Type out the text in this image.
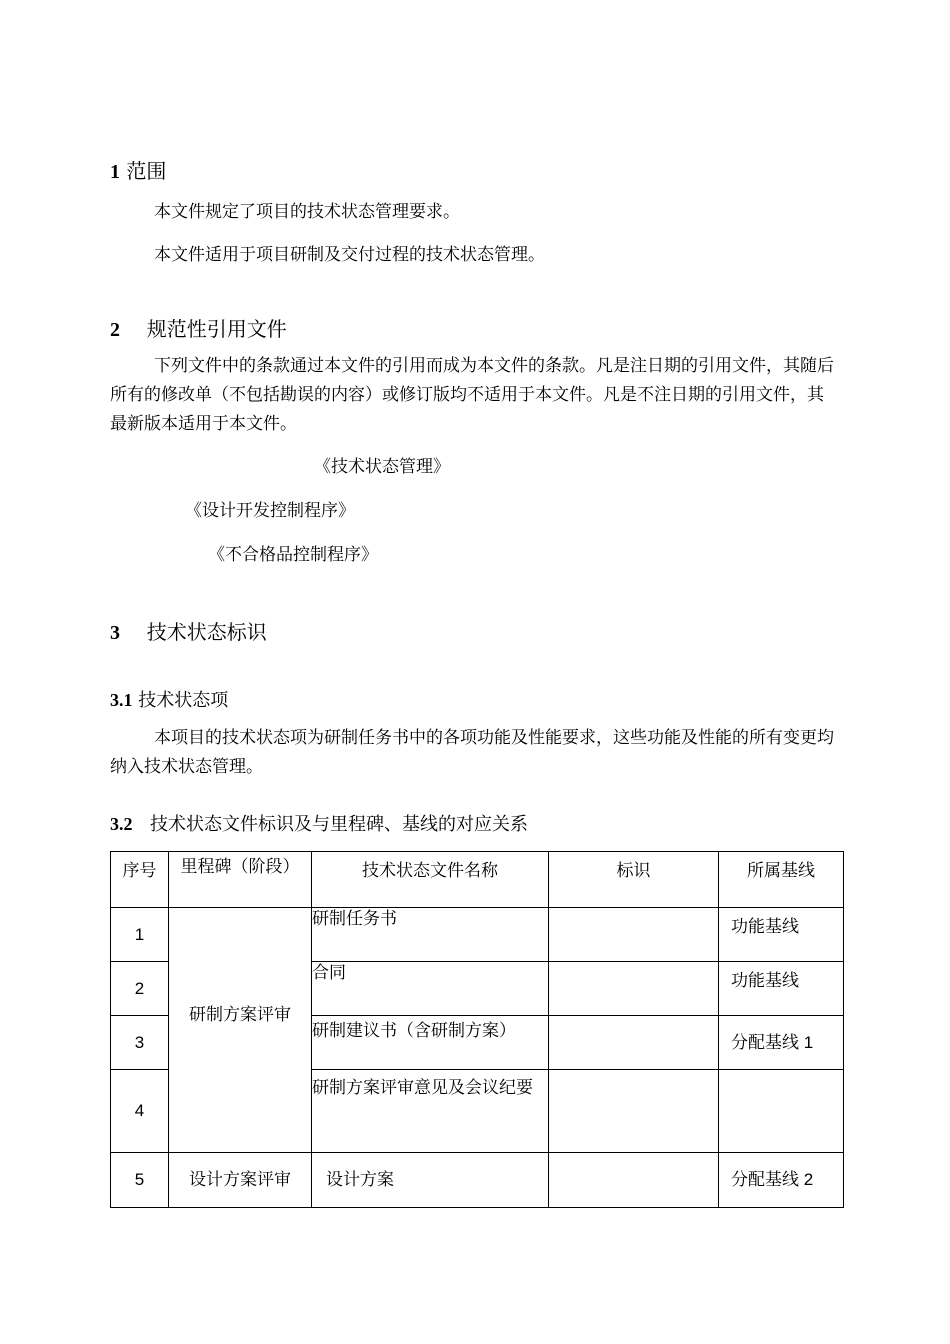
1 范围
本文件规定了项目的技术状态管理要求。
本文件适用于项目研制及交付过程的技术状态管理。
2 规范性引用文件
下列文件中的条款通过本文件的引用而成为本文件的条款。凡是注日期的引用文件，其随后所有的修改单（不包括勘误的内容）或修订版均不适用于本文件。凡是不注日期的引用文件，其最新版本适用于本文件。
《技术状态管理》
《设计开发控制程序》
《不合格品控制程序》
3 技术状态标识
3.1 技术状态项
本项目的技术状态项为研制任务书中的各项功能及性能要求，这些功能及性能的所有变更均纳入技术状态管理。
3.2 技术状态文件标识及与里程碑、基线的对应关系
序号	里程碑（阶段）	技术状态文件名称	标识	所属基线
1	研制方案评审	研制任务书		功能基线
2		合同		功能基线
3		研制建议书（含研制方案）		分配基线 1
4		研制方案评审意见及会议纪要		
5	设计方案评审	设计方案		分配基线 2
